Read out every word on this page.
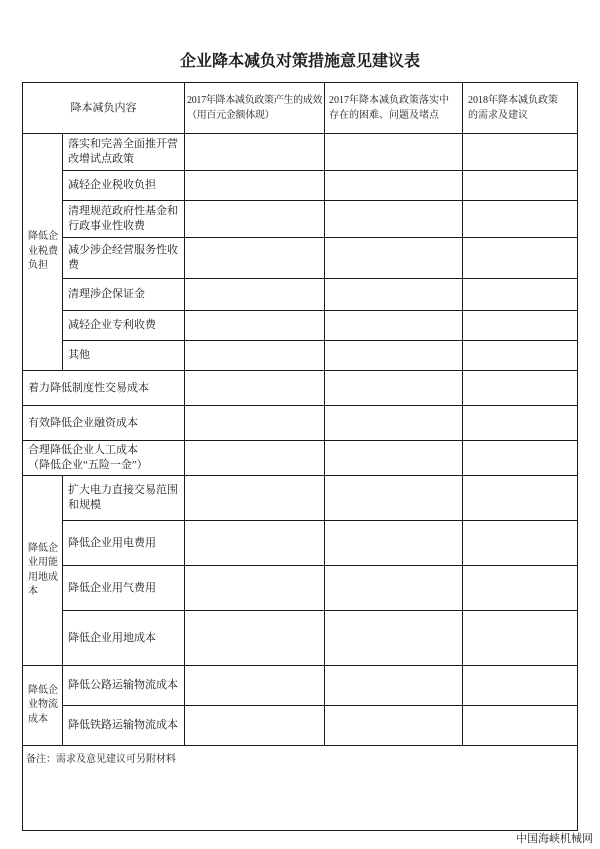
企业降本减负对策措施意见建议表
降本减负内容
2017年降本减负政策产生的成效（用百元金额体现）
2017年降本减负政策落实中存在的困难、问题及堵点
2018年降本减负政策的需求及建议
降低企业税费负担
落实和完善全面推开营改增试点政策
减轻企业税收负担
清理规范政府性基金和行政事业性收费
减少涉企经营服务性收费
清理涉企保证金
减轻企业专利收费
其他
着力降低制度性交易成本
有效降低企业融资成本
合理降低企业人工成本
（降低企业“五险一金”）
降低企业用能用地成本
扩大电力直接交易范围和规模
降低企业用电费用
降低企业用气费用
降低企业用地成本
降低企业物流成本
降低公路运输物流成本
降低铁路运输物流成本
备注：需求及意见建议可另附材料
中国海峡机械网
